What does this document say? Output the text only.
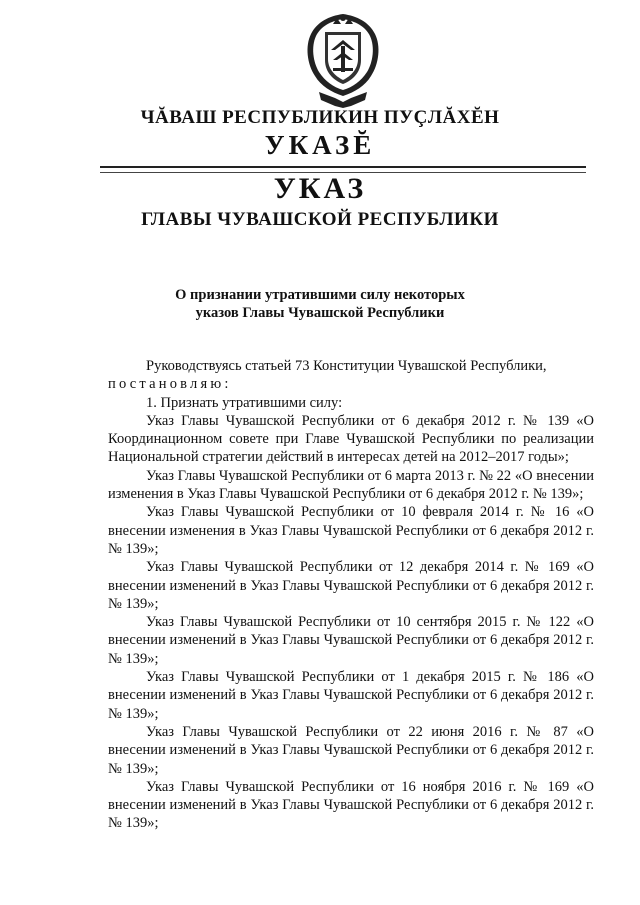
ЧĂВАШ РЕСПУБЛИКИН ПУÇЛĂХĔН
УКАЗĔ
УКАЗ
ГЛАВЫ ЧУВАШСКОЙ РЕСПУБЛИКИ
О признании утратившими силу некоторых
указов Главы Чувашской Республики

Руководствуясь статьей 73 Конституции Чувашской Республики,

постановляю:

1. Признать утратившими силу:

Указ Главы Чувашской Республики от 6 декабря 2012 г. № 139 «О Координационном совете при Главе Чувашской Республики по реализации Национальной стратегии действий в интересах детей на 2012–2017 годы»;

Указ Главы Чувашской Республики от 6 марта 2013 г. № 22 «О внесении изменения в Указ Главы Чувашской Республики от 6 декабря 2012 г. № 139»;

Указ Главы Чувашской Республики от 10 февраля 2014 г. № 16 «О внесении изменения в Указ Главы Чувашской Республики от 6 декабря 2012 г. № 139»;

Указ Главы Чувашской Республики от 12 декабря 2014 г. № 169 «О внесении изменений в Указ Главы Чувашской Республики от 6 декабря 2012 г. № 139»;

Указ Главы Чувашской Республики от 10 сентября 2015 г. № 122 «О внесении изменений в Указ Главы Чувашской Республики от 6 декабря 2012 г. № 139»;

Указ Главы Чувашской Республики от 1 декабря 2015 г. № 186 «О внесении изменений в Указ Главы Чувашской Республики от 6 декабря 2012 г. № 139»;

Указ Главы Чувашской Республики от 22 июня 2016 г. № 87 «О внесении изменений в Указ Главы Чувашской Республики от 6 декабря 2012 г. № 139»;

Указ Главы Чувашской Республики от 16 ноября 2016 г. № 169 «О внесении изменений в Указ Главы Чувашской Республики от 6 декабря 2012 г. № 139»;
